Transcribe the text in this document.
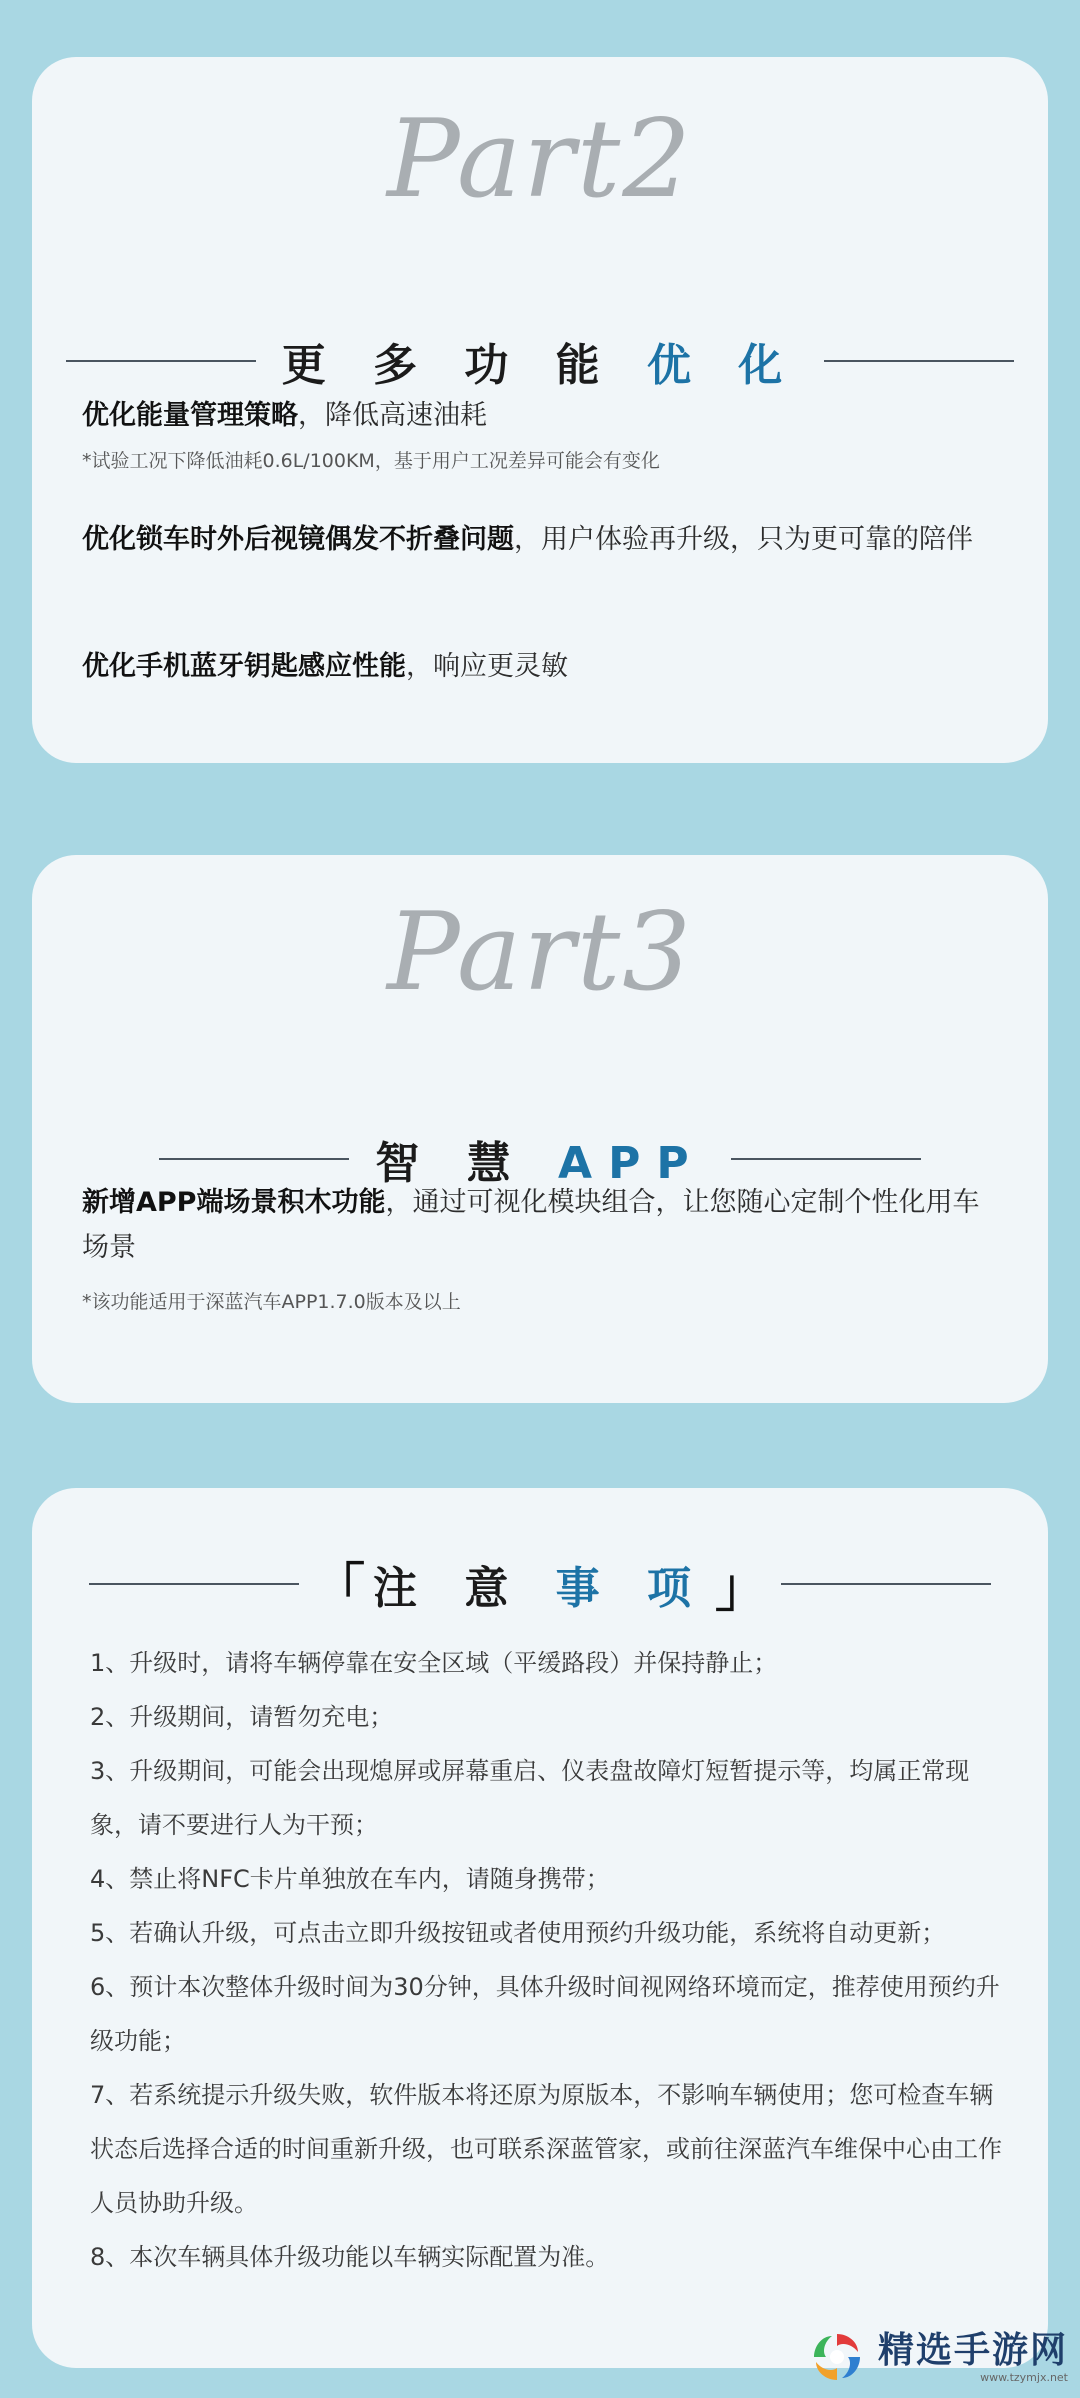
Part2
更 多 功 能 优 化
优化能量管理策略，降低高速油耗
*试验工况下降低油耗0.6L/100KM，基于用户工况差异可能会有变化
优化锁车时外后视镜偶发不折叠问题，用户体验再升级，只为更可靠的陪伴
优化手机蓝牙钥匙感应性能，响应更灵敏
Part3
智 慧 APP
新增APP端场景积木功能，通过可视化模块组合，让您随心定制个性化用车场景
*该功能适用于深蓝汽车APP1.7.0版本及以上
「 注 意 事 项 」
1、升级时，请将车辆停靠在安全区域（平缓路段）并保持静止；
2、升级期间，请暂勿充电；
3、升级期间，可能会出现熄屏或屏幕重启、仪表盘故障灯短暂提示等，均属正常现象，请不要进行人为干预；
4、禁止将NFC卡片单独放在车内，请随身携带；
5、若确认升级，可点击立即升级按钮或者使用预约升级功能，系统将自动更新；
6、预计本次整体升级时间为30分钟，具体升级时间视网络环境而定，推荐使用预约升级功能；
7、若系统提示升级失败，软件版本将还原为原版本，不影响车辆使用；您可检查车辆状态后选择合适的时间重新升级，也可联系深蓝管家，或前往深蓝汽车维保中心由工作人员协助升级。
8、本次车辆具体升级功能以车辆实际配置为准。
精选手游网
www.tzymjx.net
